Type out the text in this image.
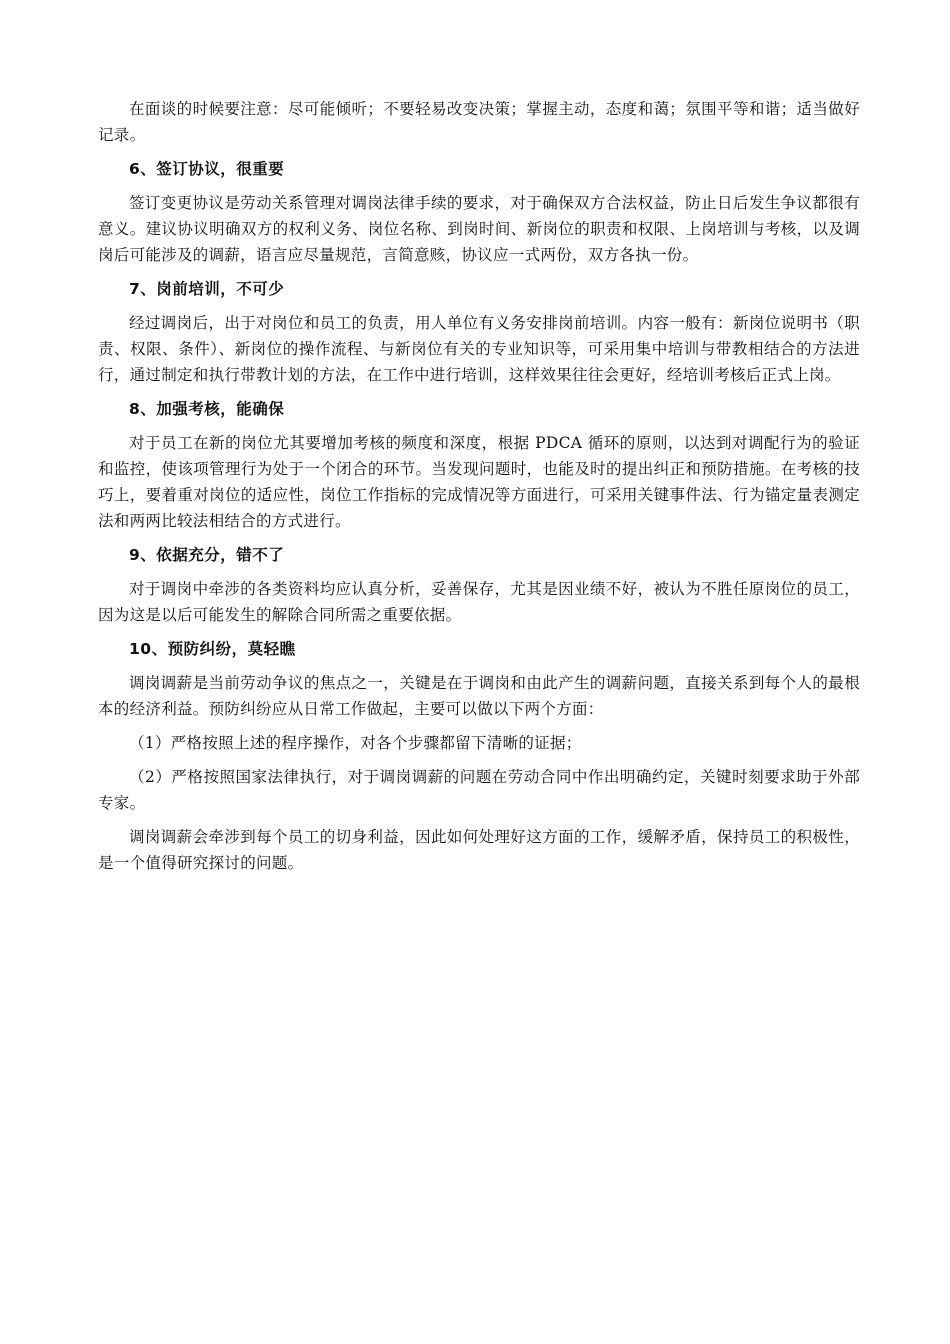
在面谈的时候要注意：尽可能倾听；不要轻易改变决策；掌握主动，态度和蔼；氛围平等和谐；适当做好记录。

6、签订协议，很重要

签订变更协议是劳动关系管理对调岗法律手续的要求，对于确保双方合法权益，防止日后发生争议都很有意义。建议协议明确双方的权利义务、岗位名称、到岗时间、新岗位的职责和权限、上岗培训与考核，以及调岗后可能涉及的调薪，语言应尽量规范，言简意赅，协议应一式两份，双方各执一份。

7、岗前培训，不可少

经过调岗后，出于对岗位和员工的负责，用人单位有义务安排岗前培训。内容一般有：新岗位说明书（职责、权限、条件）、新岗位的操作流程、与新岗位有关的专业知识等，可采用集中培训与带教相结合的方法进行，通过制定和执行带教计划的方法，在工作中进行培训，这样效果往往会更好，经培训考核后正式上岗。

8、加强考核，能确保

对于员工在新的岗位尤其要增加考核的频度和深度，根据 PDCA 循环的原则，以达到对调配行为的验证和监控，使该项管理行为处于一个闭合的环节。当发现问题时，也能及时的提出纠正和预防措施。在考核的技巧上，要着重对岗位的适应性，岗位工作指标的完成情况等方面进行，可采用关键事件法、行为锚定量表测定法和两两比较法相结合的方式进行。

9、依据充分，错不了

对于调岗中牵涉的各类资料均应认真分析，妥善保存，尤其是因业绩不好，被认为不胜任原岗位的员工，因为这是以后可能发生的解除合同所需之重要依据。

10、预防纠纷，莫轻瞧

调岗调薪是当前劳动争议的焦点之一，关键是在于调岗和由此产生的调薪问题，直接关系到每个人的最根本的经济利益。预防纠纷应从日常工作做起，主要可以做以下两个方面：

（1）严格按照上述的程序操作，对各个步骤都留下清晰的证据；

（2）严格按照国家法律执行，对于调岗调薪的问题在劳动合同中作出明确约定，关键时刻要求助于外部专家。

调岗调薪会牵涉到每个员工的切身利益，因此如何处理好这方面的工作，缓解矛盾，保持员工的积极性，是一个值得研究探讨的问题。
